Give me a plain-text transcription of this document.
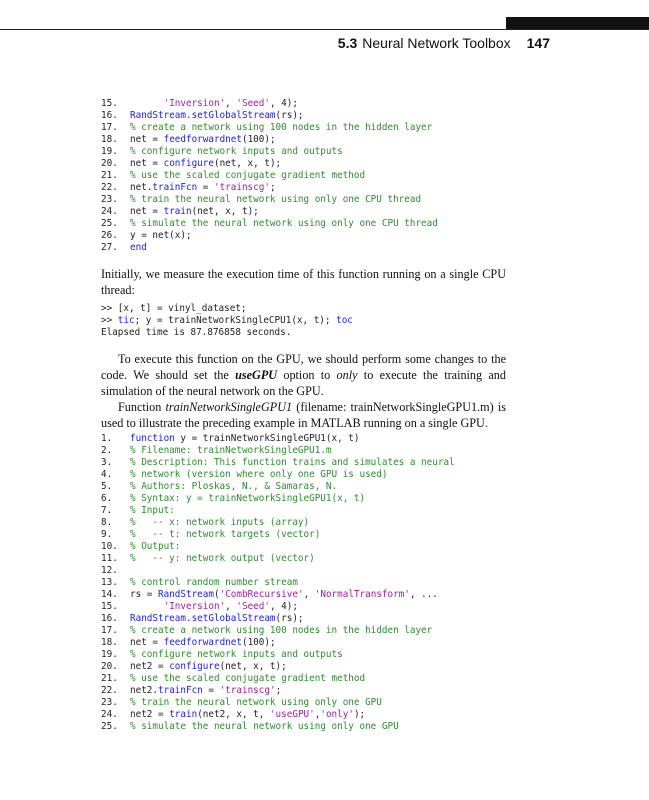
5.3 Neural Network Toolbox 147
15.	'Inversion', 'Seed', 4);
16. RandStream.setGlobalStream(rs);
17. % create a network using 100 nodes in the hidden layer
18. net = feedforwardnet(100);
19. % configure network inputs and outputs
20. net = configure(net, x, t);
21. % use the scaled conjugate gradient method
22. net.trainFcn = 'trainscg';
23. % train the neural network using only one CPU thread
24. net = train(net, x, t);
25. % simulate the neural network using only one CPU thread
26. y = net(x);
27. end

Initially, we measure the execution time of this function running on a single CPU thread:

>> [x, t] = vinyl_dataset;
>> tic; y = trainNetworkSingleCPU1(x, t); toc
Elapsed time is 87.876858 seconds.

To execute this function on the GPU, we should perform some changes to the code. We should set the useGPU option to only to execute the training and simulation of the neural network on the GPU.

Function trainNetworkSingleGPU1 (filename: trainNetworkSingleGPU1.m) is used to illustrate the preceding example in MATLAB running on a single GPU.

1. function y = trainNetworkSingleGPU1(x, t)
2. % Filename: trainNetworkSingleGPU1.m
3. % Description: This function trains and simulates a neural
4. % network (version where only one GPU is used)
5. % Authors: Ploskas, N., & Samaras, N.
6. % Syntax: y = trainNetworkSingleGPU1(x, t)
7. % Input:
8. %   -- x: network inputs (array)
9. %   -- t: network targets (vector)
10. % Output:
11. %   -- y: network output (vector)
12.
13. % control random number stream
14. rs = RandStream('CombRecursive', 'NormalTransform', ...
15.	'Inversion', 'Seed', 4);
16. RandStream.setGlobalStream(rs);
17. % create a network using 100 nodes in the hidden layer
18. net = feedforwardnet(100);
19. % configure network inputs and outputs
20. net2 = configure(net, x, t);
21. % use the scaled conjugate gradient method
22. net2.trainFcn = 'trainscg';
23. % train the neural network using only one GPU
24. net2 = train(net2, x, t, 'useGPU','only');
25. % simulate the neural network using only one GPU
